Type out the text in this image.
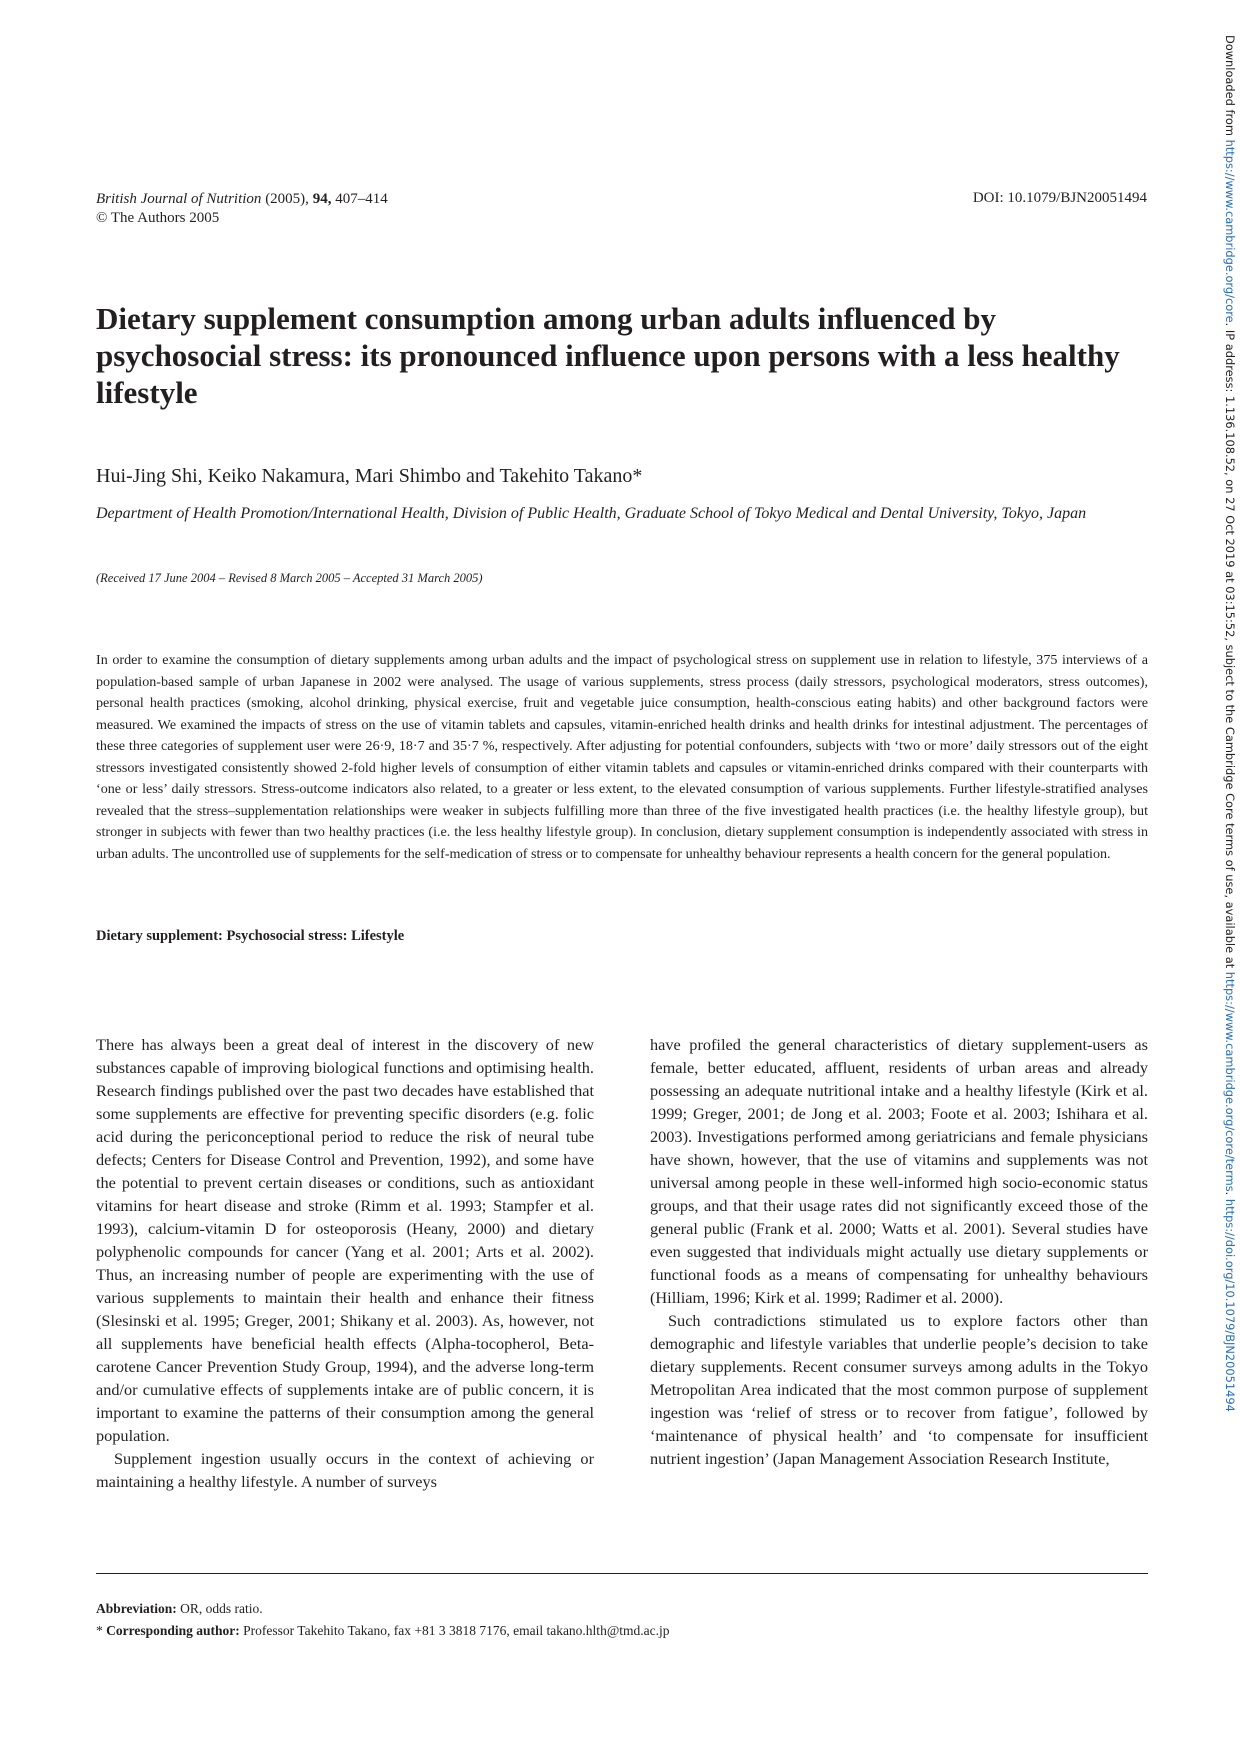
British Journal of Nutrition (2005), 94, 407–414
© The Authors 2005
DOI: 10.1079/BJN20051494
Dietary supplement consumption among urban adults influenced by psychosocial stress: its pronounced influence upon persons with a less healthy lifestyle
Hui-Jing Shi, Keiko Nakamura, Mari Shimbo and Takehito Takano*
Department of Health Promotion/International Health, Division of Public Health, Graduate School of Tokyo Medical and Dental University, Tokyo, Japan
(Received 17 June 2004 – Revised 8 March 2005 – Accepted 31 March 2005)

In order to examine the consumption of dietary supplements among urban adults and the impact of psychological stress on supplement use in relation to lifestyle, 375 interviews of a population-based sample of urban Japanese in 2002 were analysed. The usage of various supplements, stress process (daily stressors, psychological moderators, stress outcomes), personal health practices (smoking, alcohol drinking, physical exercise, fruit and vegetable juice consumption, health-conscious eating habits) and other background factors were measured. We examined the impacts of stress on the use of vitamin tablets and capsules, vitamin-enriched health drinks and health drinks for intestinal adjustment. The percentages of these three categories of supplement user were 26·9, 18·7 and 35·7 %, respectively. After adjusting for potential confounders, subjects with ‘two or more’ daily stressors out of the eight stressors investigated consistently showed 2-fold higher levels of consumption of either vitamin tablets and capsules or vitamin-enriched drinks compared with their counterparts with ‘one or less’ daily stressors. Stress-outcome indicators also related, to a greater or less extent, to the elevated consumption of various supplements. Further lifestyle-stratified analyses revealed that the stress–supplementation relationships were weaker in subjects fulfilling more than three of the five investigated health practices (i.e. the healthy lifestyle group), but stronger in subjects with fewer than two healthy practices (i.e. the less healthy lifestyle group). In conclusion, dietary supplement consumption is independently associated with stress in urban adults. The uncontrolled use of supplements for the self-medication of stress or to compensate for unhealthy behaviour represents a health concern for the general population.

Dietary supplement: Psychosocial stress: Lifestyle

There has always been a great deal of interest in the discovery of new substances capable of improving biological functions and optimising health. Research findings published over the past two decades have established that some supplements are effective for preventing specific disorders (e.g. folic acid during the periconceptional period to reduce the risk of neural tube defects; Centers for Disease Control and Prevention, 1992), and some have the potential to prevent certain diseases or conditions, such as antioxidant vitamins for heart disease and stroke (Rimm et al. 1993; Stampfer et al. 1993), calcium-vitamin D for osteoporosis (Heany, 2000) and dietary polyphenolic compounds for cancer (Yang et al. 2001; Arts et al. 2002). Thus, an increasing number of people are experimenting with the use of various supplements to maintain their health and enhance their fitness (Slesinski et al. 1995; Greger, 2001; Shikany et al. 2003). As, however, not all supplements have beneficial health effects (Alpha-tocopherol, Beta-carotene Cancer Prevention Study Group, 1994), and the adverse long-term and/or cumulative effects of supplements intake are of public concern, it is important to examine the patterns of their consumption among the general population.

Supplement ingestion usually occurs in the context of achieving or maintaining a healthy lifestyle. A number of surveys

have profiled the general characteristics of dietary supplement-users as female, better educated, affluent, residents of urban areas and already possessing an adequate nutritional intake and a healthy lifestyle (Kirk et al. 1999; Greger, 2001; de Jong et al. 2003; Foote et al. 2003; Ishihara et al. 2003). Investigations performed among geriatricians and female physicians have shown, however, that the use of vitamins and supplements was not universal among people in these well-informed high socio-economic status groups, and that their usage rates did not significantly exceed those of the general public (Frank et al. 2000; Watts et al. 2001). Several studies have even suggested that individuals might actually use dietary supplements or functional foods as a means of compensating for unhealthy behaviours (Hilliam, 1996; Kirk et al. 1999; Radimer et al. 2000).

Such contradictions stimulated us to explore factors other than demographic and lifestyle variables that underlie people’s decision to take dietary supplements. Recent consumer surveys among adults in the Tokyo Metropolitan Area indicated that the most common purpose of supplement ingestion was ‘relief of stress or to recover from fatigue’, followed by ‘maintenance of physical health’ and ‘to compensate for insufficient nutrient ingestion’ (Japan Management Association Research Institute,

Abbreviation: OR, odds ratio.
* Corresponding author: Professor Takehito Takano, fax +81 3 3818 7176, email takano.hlth@tmd.ac.jp
Downloaded from https://www.cambridge.org/core. IP address: 1.136.108.52, on 27 Oct 2019 at 03:15:52, subject to the Cambridge Core terms of use, available at https://www.cambridge.org/core/terms. https://doi.org/10.1079/BJN20051494
